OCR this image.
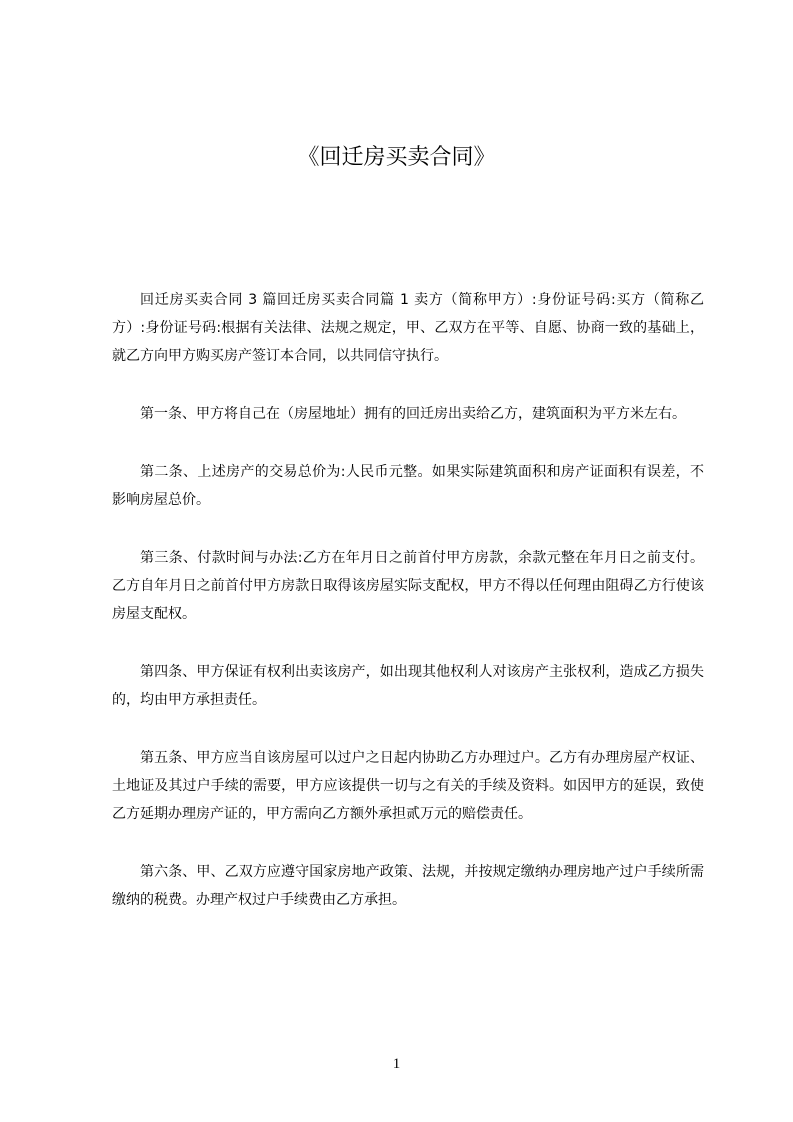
《回迁房买卖合同》

回迁房买卖合同 3 篇回迁房买卖合同篇 1 卖方（简称甲方）:身份证号码:买方（简称乙方）:身份证号码:根据有关法律、法规之规定，甲、乙双方在平等、自愿、协商一致的基础上，就乙方向甲方购买房产签订本合同，以共同信守执行。

第一条、甲方将自己在（房屋地址）拥有的回迁房出卖给乙方，建筑面积为平方米左右。

第二条、上述房产的交易总价为:人民币元整。如果实际建筑面积和房产证面积有误差，不影响房屋总价。

第三条、付款时间与办法:乙方在年月日之前首付甲方房款，余款元整在年月日之前支付。乙方自年月日之前首付甲方房款日取得该房屋实际支配权，甲方不得以任何理由阻碍乙方行使该房屋支配权。

第四条、甲方保证有权利出卖该房产，如出现其他权利人对该房产主张权利，造成乙方损失的，均由甲方承担责任。

第五条、甲方应当自该房屋可以过户之日起内协助乙方办理过户。乙方有办理房屋产权证、土地证及其过户手续的需要，甲方应该提供一切与之有关的手续及资料。如因甲方的延误，致使乙方延期办理房产证的，甲方需向乙方额外承担贰万元的赔偿责任。

第六条、甲、乙双方应遵守国家房地产政策、法规，并按规定缴纳办理房地产过户手续所需缴纳的税费。办理产权过户手续费由乙方承担。

1
